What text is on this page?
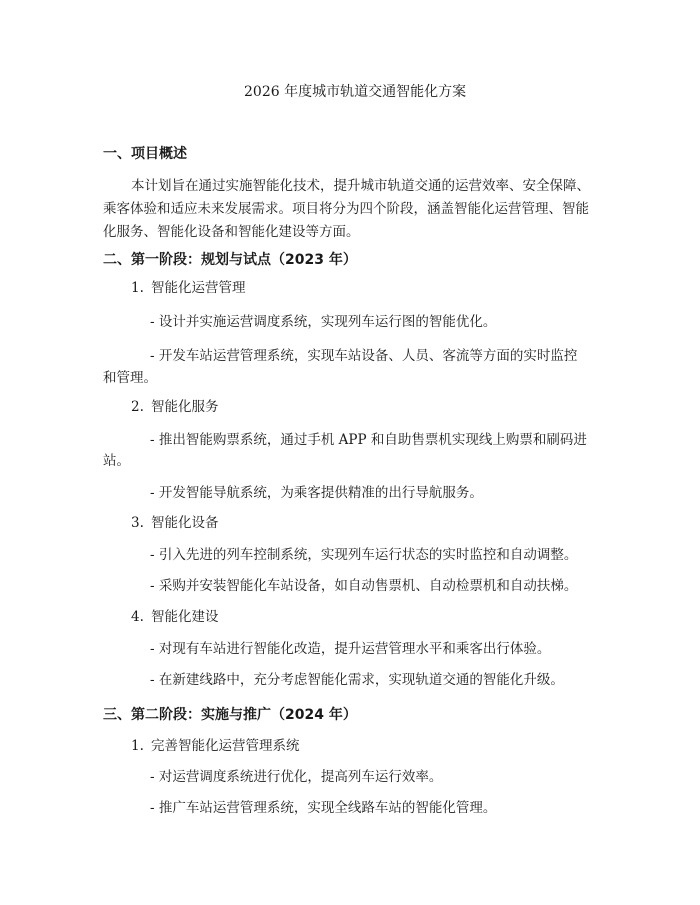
2026 年度城市轨道交通智能化方案
一、项目概述
本计划旨在通过实施智能化技术，提升城市轨道交通的运营效率、安全保障、
乘客体验和适应未来发展需求。项目将分为四个阶段，涵盖智能化运营管理、智能
化服务、智能化设备和智能化建设等方面。
二、第一阶段：规划与试点（2023 年）
1. 智能化运营管理
- 设计并实施运营调度系统，实现列车运行图的智能优化。
- 开发车站运营管理系统，实现车站设备、人员、客流等方面的实时监控
和管理。
2. 智能化服务
- 推出智能购票系统，通过手机 APP 和自助售票机实现线上购票和刷码进
站。
- 开发智能导航系统，为乘客提供精准的出行导航服务。
3. 智能化设备
- 引入先进的列车控制系统，实现列车运行状态的实时监控和自动调整。
- 采购并安装智能化车站设备，如自动售票机、自动检票机和自动扶梯。
4. 智能化建设
- 对现有车站进行智能化改造，提升运营管理水平和乘客出行体验。
- 在新建线路中，充分考虑智能化需求，实现轨道交通的智能化升级。
三、第二阶段：实施与推广（2024 年）
1. 完善智能化运营管理系统
- 对运营调度系统进行优化，提高列车运行效率。
- 推广车站运营管理系统，实现全线路车站的智能化管理。
